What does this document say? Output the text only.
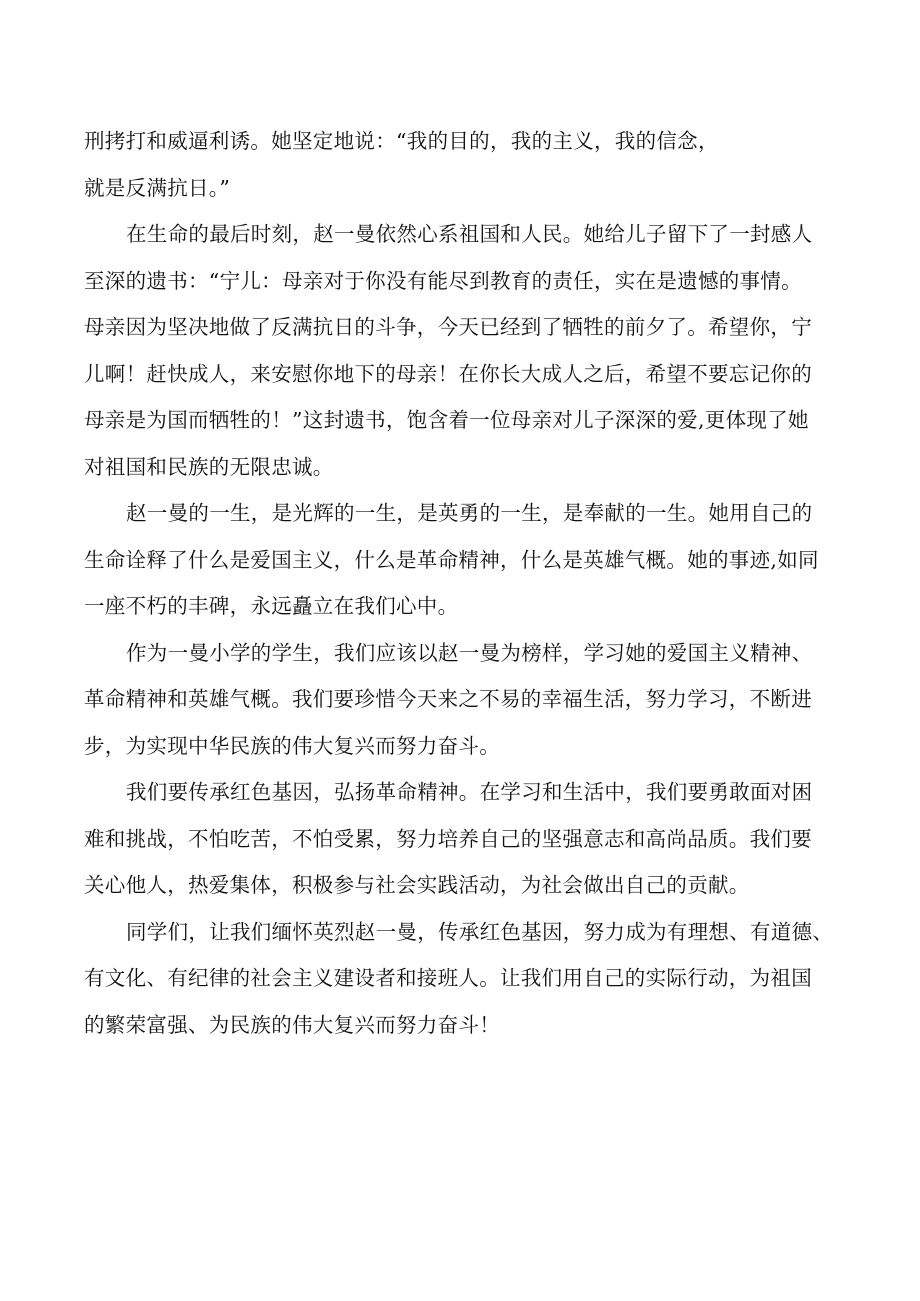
刑拷打和威逼利诱。她坚定地说：“我的目的，我的主义，我的信念，
就是反满抗日。”
在生命的最后时刻，赵一曼依然心系祖国和人民。她给儿子留下了一封感人
至深的遗书：“宁儿：母亲对于你没有能尽到教育的责任，实在是遗憾的事情。
母亲因为坚决地做了反满抗日的斗争，今天已经到了牺牲的前夕了。希望你，宁
儿啊！赶快成人，来安慰你地下的母亲！在你长大成人之后，希望不要忘记你的
母亲是为国而牺牲的！”这封遗书，饱含着一位母亲对儿子深深的爱,更体现了她
对祖国和民族的无限忠诚。
赵一曼的一生，是光辉的一生，是英勇的一生，是奉献的一生。她用自己的
生命诠释了什么是爱国主义，什么是革命精神，什么是英雄气概。她的事迹,如同
一座不朽的丰碑，永远矗立在我们心中。
作为一曼小学的学生，我们应该以赵一曼为榜样，学习她的爱国主义精神、
革命精神和英雄气概。我们要珍惜今天来之不易的幸福生活，努力学习，不断进
步，为实现中华民族的伟大复兴而努力奋斗。
我们要传承红色基因，弘扬革命精神。在学习和生活中，我们要勇敢面对困
难和挑战，不怕吃苦，不怕受累，努力培养自己的坚强意志和高尚品质。我们要
关心他人，热爱集体，积极参与社会实践活动，为社会做出自己的贡献。
同学们，让我们缅怀英烈赵一曼，传承红色基因，努力成为有理想、有道德、
有文化、有纪律的社会主义建设者和接班人。让我们用自己的实际行动，为祖国
的繁荣富强、为民族的伟大复兴而努力奋斗！
